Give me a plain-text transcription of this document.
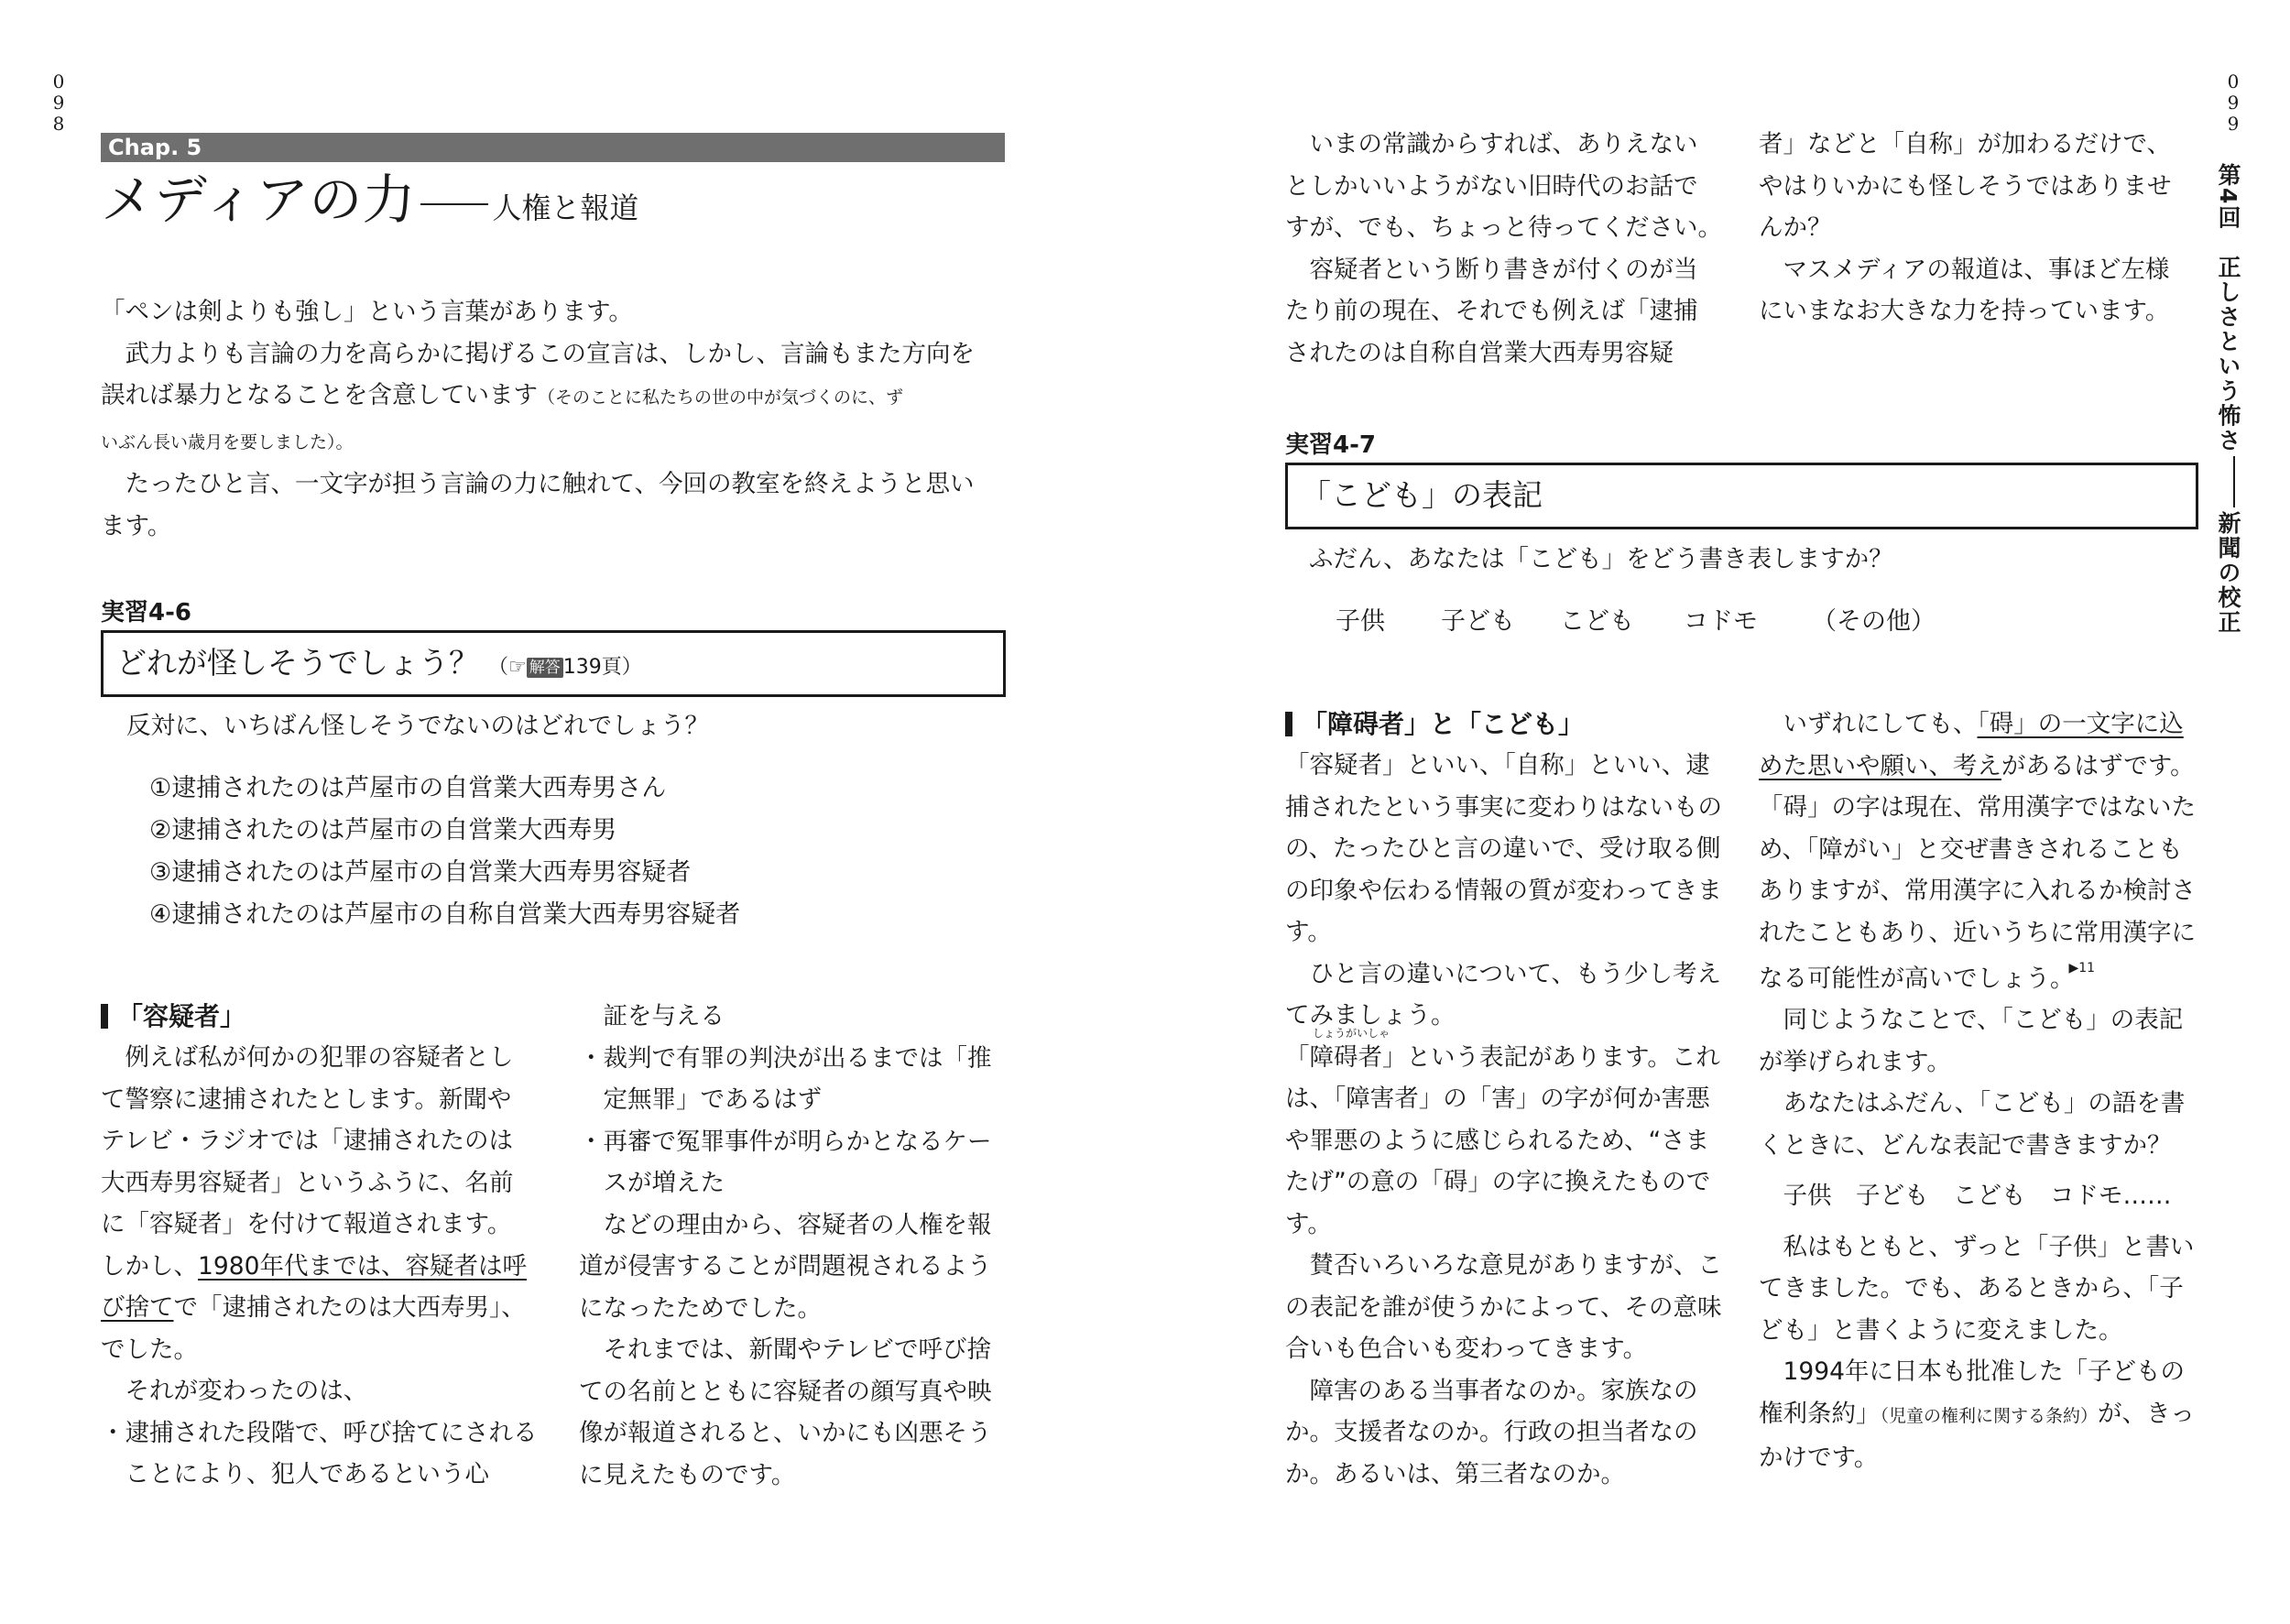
0
9
8
Chap. 5
メディアの力	人権と報道

「ペンは剣よりも強し」という言葉があります。

武力よりも言論の力を高らかに掲げるこの宣言は、しかし、言論もまた方向を

誤れば暴力となることを含意しています（そのことに私たちの世の中が気づくのに、ず

いぶん長い歳月を要しました）。

たったひと言、一文字が担う言論の力に触れて、今回の教室を終えようと思い

ます。

実習4-6
どれが怪しそうでしょう？ （☞ 解答 139頁）
反対に、いちばん怪しそうでないのはどれでしょう？
①逮捕されたのは芦屋市の自営業大西寿男さん
②逮捕されたのは芦屋市の自営業大西寿男
③逮捕されたのは芦屋市の自営業大西寿男容疑者
④逮捕されたのは芦屋市の自称自営業大西寿男容疑者
「容疑者」

例えば私が何かの犯罪の容疑者とし

て警察に逮捕されたとします。新聞や

テレビ・ラジオでは「逮捕されたのは

大西寿男容疑者」というふうに、名前

に「容疑者」を付けて報道されます。

しかし、1980年代までは、容疑者は呼
び捨てで「逮捕されたのは大西寿男」、
でした。

それが変わったのは、

・逮捕された段階で、呼び捨てにされることにより、犯人であるという心

証を与える

・裁判で有罪の判決が出るまでは「推定無罪」であるはず

・再審で冤罪事件が明らかとなるケースが増えた

などの理由から、容疑者の人権を報道が侵害することが問題視されるようになったためでした。

それまでは、新聞やテレビで呼び捨ての名前とともに容疑者の顔写真や映像が報道されると、いかにも凶悪そうに見えたものです。

0
9
9
第4回　正しさという怖さ
新聞の校正

いまの常識からすれば、ありえない

としかいいようがない旧時代のお話で

すが、でも、ちょっと待ってください。

容疑者という断り書きが付くのが当

たり前の現在、それでも例えば「逮捕

されたのは自称自営業大西寿男容疑

者」などと「自称」が加わるだけで、

やはりいかにも怪しそうではありませ

んか？

マスメディアの報道は、事ほど左様

にいまなお大きな力を持っています。

実習4-7
「こども」の表記
ふだん、あなたは「こども」をどう書き表しますか？
子供 子ども こども コドモ （その他）
「障碍者」と「こども」

「容疑者」といい、「自称」といい、逮捕されたという事実に変わりはないものの、たったひと言の違いで、受け取る側の印象や伝わる情報の質が変わってきます。

ひと言の違いについて、もう少し考えてみましょう。

しょうがいしゃ
「障碍者」という表記があります。これは、「障害者」の「害」の字が何か害悪や罪悪のように感じられるため、“さまたげ”の意の「碍」の字に換えたものです。

賛否いろいろな意見がありますが、この表記を誰が使うかによって、その意味合いも色合いも変わってきます。

障害のある当事者なのか。家族なのか。支援者なのか。行政の担当者なのか。あるいは、第三者なのか。

いずれにしても、「碍」の一文字に込めた思いや願い、考えがあるはずです。

「碍」の字は現在、常用漢字ではないため、「障がい」と交ぜ書きされることもありますが、常用漢字に入れるか検討されたこともあり、近いうちに常用漢字になる可能性が高いでしょう。$^{▶11}$

同じようなことで、「こども」の表記が挙げられます。

あなたはふだん、「こども」の語を書くときに、どんな表記で書きますか？

子供　子ども　こども　コドモ……

私はもともと、ずっと「子供」と書いてきました。でも、あるときから、「子ども」と書くように変えました。

1994年に日本も批准した「子どもの権利条約」（児童の権利に関する条約）が、きっかけです。
